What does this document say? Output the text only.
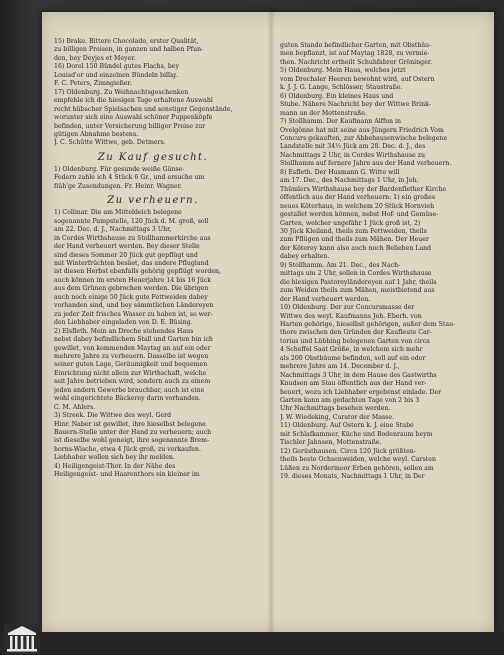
15) Brake. Bittere Chocolade, erster Qualität,

zu billigen Preisen, in ganzen und halben Pfun-

den, bey Deyjes et Meyer.

16) Dorel 150 Bündel gutes Flachs, bey

Louisd'or und einzelnen Bündeln billig.

F. C. Peters, Zimngießer.

17) Oldenburg. Zu Weihnachtsgeschenken

empfehle ich die hiesigen Tage erhaltene Auswahl

recht hübscher Spielsachen und sonstiger Gegenstände,

worunter sich eine Auswahl schöner Puppenköpfe

befinden, unter Versicherung billiger Preise zur

gütigen Abnahme bestens.

J. C. Schütte Wittwe, geb. Detmers.

Zu Kauf gesucht.

1) Oldenburg. Für gesunde weiße Gänse-

Federn zahle ich 4 Stück 6 Gr., und ersuche um

fiüh'ge Zusendungen. Fr. Heinr. Wagner.

Zu verheuern.

1) Collmar. Die am Mitteldeich belegene

sogenannte Pampstelle, 120 Jück d. M. groß, soll

am 22. Dec. d. J., Nachmittags 3 Uhr,

in Cordes Wirthshause zu Stollhammerkirche aus

der Hand verheuert werden. Bey dieser Stelle

sind dieses Sommer 20 Jück gut gepflügt und

mit Winterfrüchten besäet, das andere Pflugland

ist diesen Herbst ebenfalls gehörig gepflügt worden,

auch können im ersten Heuerjahre 14 bis 16 Jück

aus dem Grünen gebrochen werden. Die übrigen

auch noch einige 50 Jück gute Fettweiden dabey

vorhanden sind, und bey sämmtlichen Ländereyen

zu jeder Zeit frisches Wasser zu haben ist, so wer-

den Liebhaber eingeladen von D. E. Büsing.

2) Elsfleth. Mein an Dreche stehendes Haus

nebst dabey befindlichem Stall und Garten bin ich

gewillet, von kommenden Maytag an auf ein oder

mehrere Jahre zu verheuern. Dasselbe ist wegen

seiner guten Lage, Geräumigkeit und bequemen

Einrichtung nicht allein zur Wirthschaft, welche

seit Jahre betrieben wird, sondern auch zu einem

jeden andern Gewerbe brauchbar, auch ist eine

wohl eingerichtete Bäckerey darin vorhanden.

C. M. Ahlers.

3) Streek. Die Wittwe des weyl. Gerd

Hinr. Naber ist gewillet, ihre hieselbst belegene

Bauern-Stelle unter der Hand zu verheuern; auch

ist dieselbe wohl geneigt, ihre sogenannte Brem-

horns-Wische, etwa 4 Jück groß, zu verkaufen.

Liebhaber wollen sich bey ihr melden.

4) Heiligengeist-Thor. In der Nähe des

Heiligengeist- und Haarenthors ein kleiner im

guten Stande befindlicher Garten, mit Obstbäu-

men bepflanzt, ist auf Maytag 1828, zu vermie-

then. Nachricht ertheilt Schuhfabrer Gröninger.

5) Oldenburg. Mein Haus, welches jetzt

vom Drechsler Heeren bewohnt wird, auf Ostern

k. J. J. G. Lange, Schlösser, Staustraße.

6) Oldenburg. Ein kleines Haus und

Stube. Nähere Nachricht bey der Wittwe Brink-

mann an der Mottenstraße.

7) Stollhamm. Der Kaufmann Alffen in

Ovelgönne hat mit seine aus Jüngern Friedrich Vom

Concurs gekauften, zur Abbehausenwische belegene

Landstelle mit 34½ Jück am 28. Dec. d. J., des

Nachmittags 2 Uhr, in Cordes Wirthshause zu

Stollhamm auf fernere Jahre aus der Hand verheuern.

8) Esfleth. Der Husmann G. Witte will

am 17. Dec., des Nachmittags 1 Uhr, in Joh.

Thümlers Wirthshause bey der Bardenflether Kirche

öffentlich aus der Hand verheuern: 1) ein großes

neues Köterhaus, in welchem 20 Stück Hornvieh

gestallet werden können, nebst Hof- und Gemüse-

Garten, welcher ungefähr 1 Jück groß ist, 2)

30 Jück Kleiland, theils zum Fettweiden, theils

zum Pflügen und theils zum Mähen. Der Heuer

der Köterey kann also auch noch Belieben Land

dabey erhalten.

9) Stollhamm. Am 21. Dec., des Nach-

mittags um 2 Uhr, sollen in Cordes Wirthshause

die hiesigen Pastoreyländereyen auf 1 Jahr, theils

zum Weiden theils zum Mähen, meistbietend aus

der Hand verheuert werden.

10) Oldenburg. Der zur Concursmasse der

Wittwe des weyl. Kaufmanns Joh. Eberh. von

Harten gehörige, hieselbst gehörigen, außer dem Stau-

thore zwischen den Gründen der Kaufleute Car-

torius und Lübbing belegenen Garten von circa

4 Scheffel Saat Größe, in welchem sich mehr

als 200 Obstbäume befinden, soll auf ein oder

mehrere Jahre am 14. December d. J.,

Nachmittags 3 Uhr, in dem Hause des Gastwirths

Knudsen am Stau öffentlich aus der Hand ver-

heuert, wozu ich Liebhaber ergebenst einlade. Der

Garten kann am gedachten Tage von 2 bis 3

Uhr Nachmittags besehen werden.

J. W. Wiedeking, Curator der Masse.

11) Oldenburg. Auf Ostern k. J. eine Stube

mit Schlafkammer, Küche und Bodenraum beym

Tischler Jahnsen, Mottenstraße.

12) Gerüsthausen. Circa 120 Jück größten-

theils beste Ochsenweiden, welche weyl. Carsten

Lüßen zu Nordermoor Erben gehören, sollen am

19. dieses Monats, Nachmittags 1 Uhr, in Der
